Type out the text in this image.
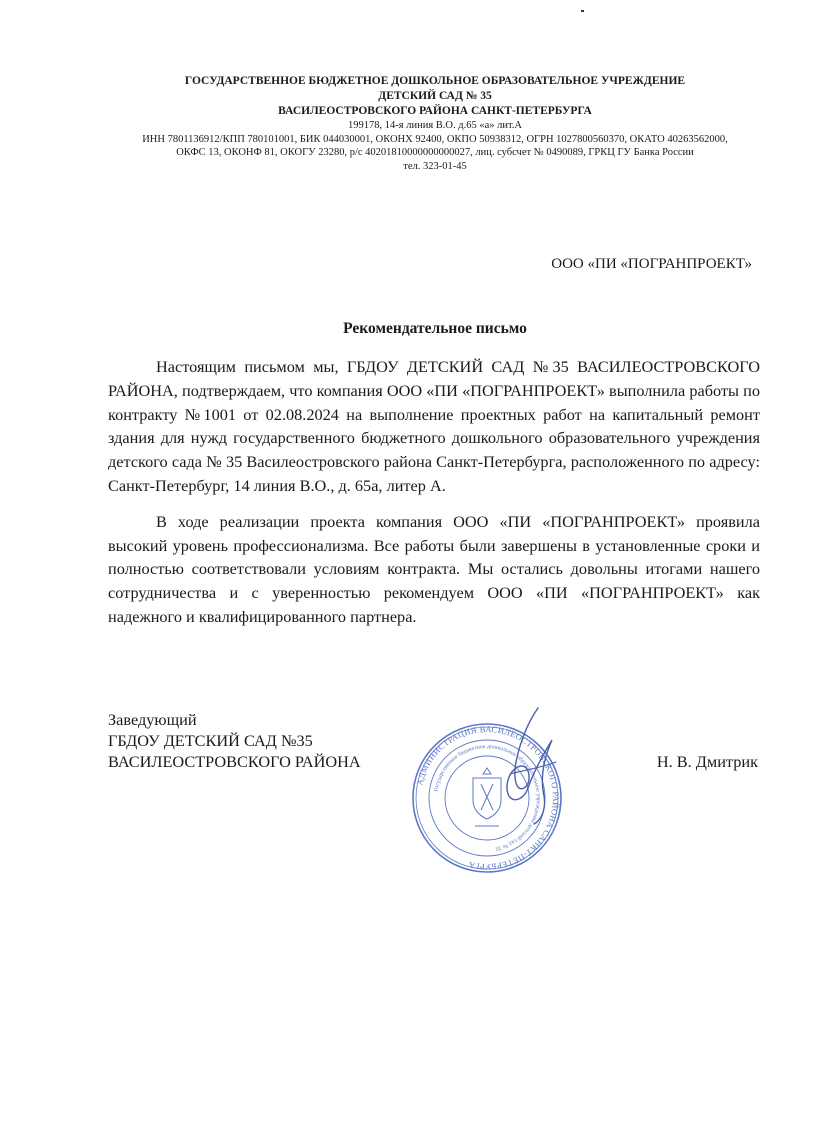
ГОСУДАРСТВЕННОЕ БЮДЖЕТНОЕ ДОШКОЛЬНОЕ ОБРАЗОВАТЕЛЬНОЕ УЧРЕЖДЕНИЕ
ДЕТСКИЙ САД № 35
ВАСИЛЕОСТРОВСКОГО РАЙОНА САНКТ-ПЕТЕРБУРГА
199178, 14-я линия В.О. д.65 «а» лит.А
ИНН 7801136912/КПП 780101001, БИК 044030001, ОКОНХ 92400, ОКПО 50938312, ОГРН 1027800560370, ОКАТО 40263562000,
ОКФС 13, ОКОНФ 81, ОКОГУ 23280, р/с 40201810000000000027, лиц. субсчет № 0490089, ГРКЦ ГУ Банка России
тел. 323-01-45
ООО «ПИ «ПОГРАНПРОЕКТ»
Рекомендательное письмо

Настоящим письмом мы, ГБДОУ ДЕТСКИЙ САД №35 ВАСИЛЕОСТРОВСКОГО РАЙОНА, подтверждаем, что компания ООО «ПИ «ПОГРАНПРОЕКТ» выполнила работы по контракту №1001 от 02.08.2024 на выполнение проектных работ на капитальный ремонт здания для нужд государственного бюджетного дошкольного образовательного учреждения детского сада № 35 Василеостровского района Санкт-Петербурга, расположенного по адресу: Санкт-Петербург, 14 линия В.О., д. 65а, литер А.

В ходе реализации проекта компания ООО «ПИ «ПОГРАНПРОЕКТ» проявила высокий уровень профессионализма. Все работы были завершены в установленные сроки и полностью соответствовали условиям контракта. Мы остались довольны итогами нашего сотрудничества и с уверенностью рекомендуем ООО «ПИ «ПОГРАНПРОЕКТ» как надежного и квалифицированного партнера.

Заведующий
ГБДОУ ДЕТСКИЙ САД №35
ВАСИЛЕОСТРОВСКОГО РАЙОНА	Н. В. Дмитрик
АДМИНИСТРАЦИЯ ВАСИЛЕОСТРОВСКОГО РАЙОНА САНКТ-ПЕТЕРБУРГА
Государственное бюджетное дошкольное образовательное учреждение детский сад № 35
